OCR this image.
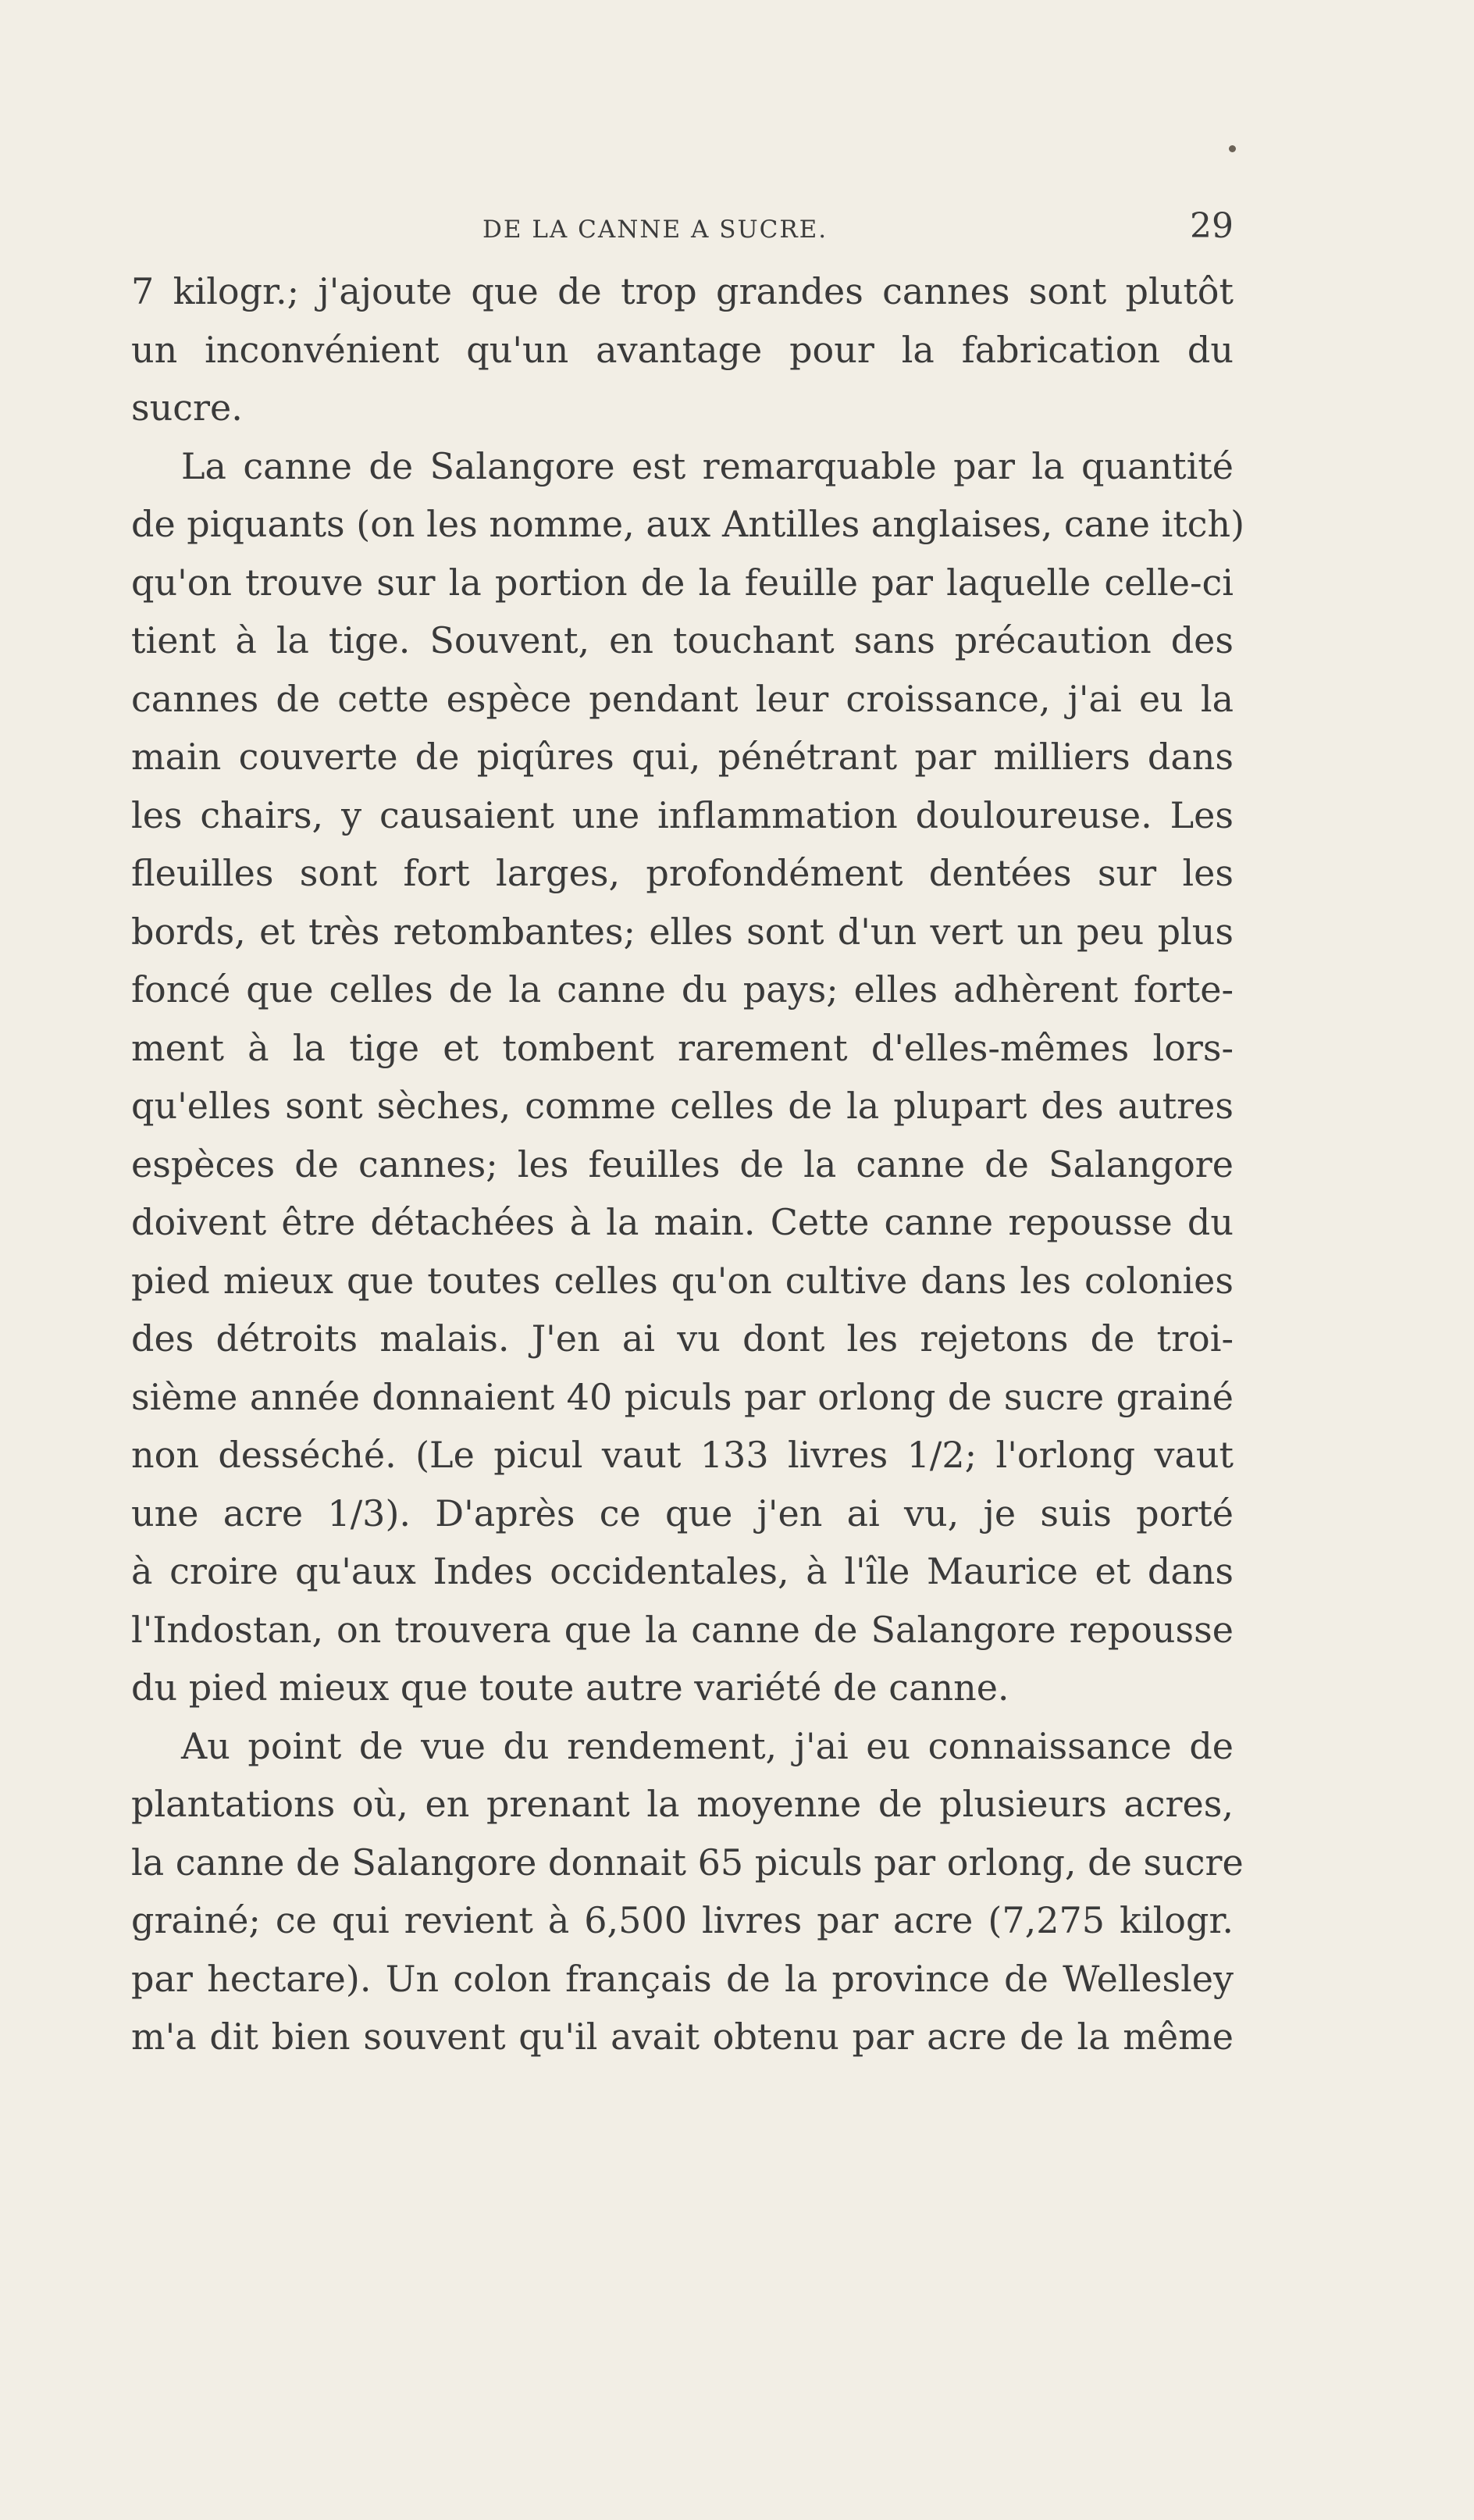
DE LA CANNE A SUCRE.	29
7 kilogr.; j'ajoute que de trop grandes cannes sont plutôt
un inconvénient qu'un avantage pour la fabrication du
sucre.
La canne de Salangore est remarquable par la quantité
de piquants (on les nomme, aux Antilles anglaises, cane itch)
qu'on trouve sur la portion de la feuille par laquelle celle-ci
tient à la tige. Souvent, en touchant sans précaution des
cannes de cette espèce pendant leur croissance, j'ai eu la
main couverte de piqûres qui, pénétrant par milliers dans
les chairs, y causaient une inflammation douloureuse. Les
fleuilles sont fort larges, profondément dentées sur les
bords, et très retombantes; elles sont d'un vert un peu plus
foncé que celles de la canne du pays; elles adhèrent forte-
ment à la tige et tombent rarement d'elles-mêmes lors-
qu'elles sont sèches, comme celles de la plupart des autres
espèces de cannes; les feuilles de la canne de Salangore
doivent être détachées à la main. Cette canne repousse du
pied mieux que toutes celles qu'on cultive dans les colonies
des détroits malais. J'en ai vu dont les rejetons de troi-
sième année donnaient 40 piculs par orlong de sucre grainé
non desséché. (Le picul vaut 133 livres 1/2; l'orlong vaut
une acre 1/3). D'après ce que j'en ai vu, je suis porté
à croire qu'aux Indes occidentales, à l'île Maurice et dans
l'Indostan, on trouvera que la canne de Salangore repousse
du pied mieux que toute autre variété de canne.
Au point de vue du rendement, j'ai eu connaissance de
plantations où, en prenant la moyenne de plusieurs acres,
la canne de Salangore donnait 65 piculs par orlong, de sucre
grainé; ce qui revient à 6,500 livres par acre (7,275 kilogr.
par hectare). Un colon français de la province de Wellesley
m'a dit bien souvent qu'il avait obtenu par acre de la même
